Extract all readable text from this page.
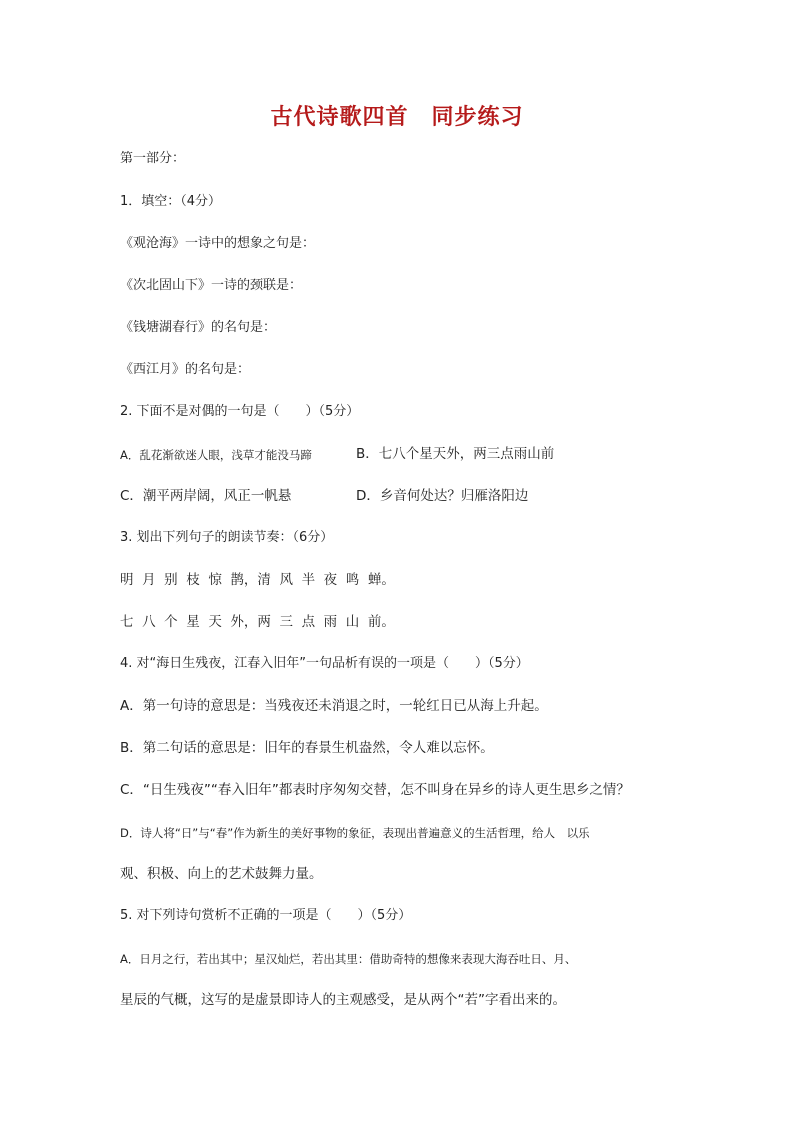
古代诗歌四首　同步练习
第一部分：
1．填空：（4分）
《观沧海》一诗中的想象之句是：
《次北固山下》一诗的颈联是：
《钱塘湖春行》的名句是：
《西江月》的名句是：
2. 下面不是对偶的一句是（　　）（5分）
A．乱花渐欲迷人眼，浅草才能没马蹄	B．七八个星天外，两三点雨山前
C．潮平两岸阔，风正一帆悬	D．乡音何处达？归雁洛阳边
3. 划出下列句子的朗读节奏：（6分）
明  月  别  枝  惊  鹊，清  风  半  夜  鸣  蝉。
七  八  个  星  天  外，两  三  点  雨  山  前。
4. 对“海日生残夜，江春入旧年”一句品析有误的一项是（　　）（5分）
A．第一句诗的意思是：当残夜还未消退之时，一轮红日已从海上升起。
B．第二句话的意思是：旧年的春景生机盎然，令人难以忘怀。
C．“日生残夜”“春入旧年”都表时序匆匆交替，怎不叫身在异乡的诗人更生思乡之情？
D．诗人将“日”与“春”作为新生的美好事物的象征，表现出普遍意义的生活哲理，给人　以乐
观、积极、向上的艺术鼓舞力量。
5. 对下列诗句赏析不正确的一项是（　　）（5分）
A．日月之行，若出其中；星汉灿烂，若出其里：借助奇特的想像来表现大海吞吐日、月、
星辰的气概，这写的是虚景即诗人的主观感受，是从两个“若”字看出来的。
